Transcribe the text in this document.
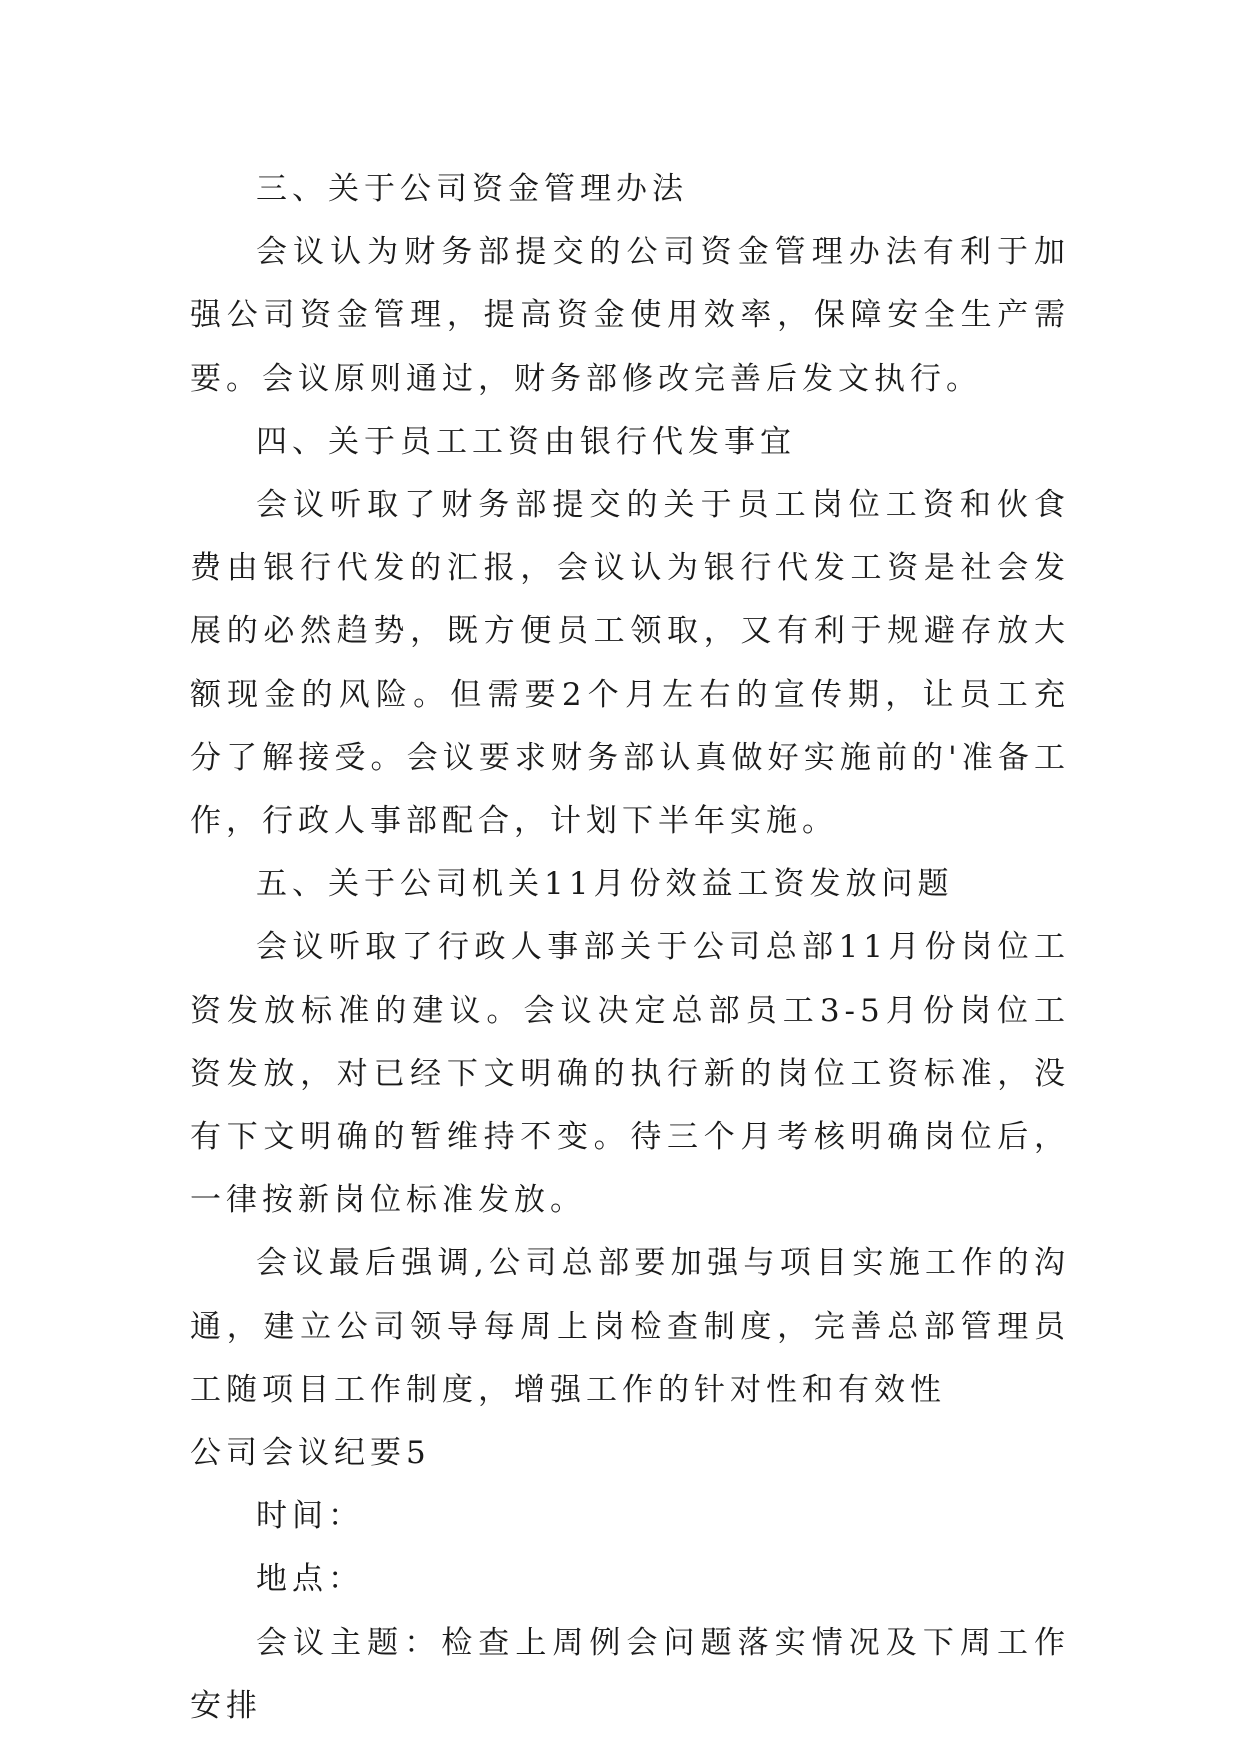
三、关于公司资金管理办法

会议认为财务部提交的公司资金管理办法有利于加强公司资金管理，提高资金使用效率，保障安全生产需要。会议原则通过，财务部修改完善后发文执行。

四、关于员工工资由银行代发事宜

会议听取了财务部提交的关于员工岗位工资和伙食费由银行代发的汇报，会议认为银行代发工资是社会发展的必然趋势，既方便员工领取，又有利于规避存放大额现金的风险。但需要2个月左右的宣传期，让员工充分了解接受。会议要求财务部认真做好实施前的'准备工作，行政人事部配合，计划下半年实施。

五、关于公司机关11月份效益工资发放问题

会议听取了行政人事部关于公司总部11月份岗位工资发放标准的建议。会议决定总部员工3-5月份岗位工资发放，对已经下文明确的执行新的岗位工资标准，没有下文明确的暂维持不变。待三个月考核明确岗位后，一律按新岗位标准发放。

会议最后强调,公司总部要加强与项目实施工作的沟通，建立公司领导每周上岗检查制度，完善总部管理员工随项目工作制度，增强工作的针对性和有效性

公司会议纪要5

时间：

地点：

会议主题：检查上周例会问题落实情况及下周工作安排
